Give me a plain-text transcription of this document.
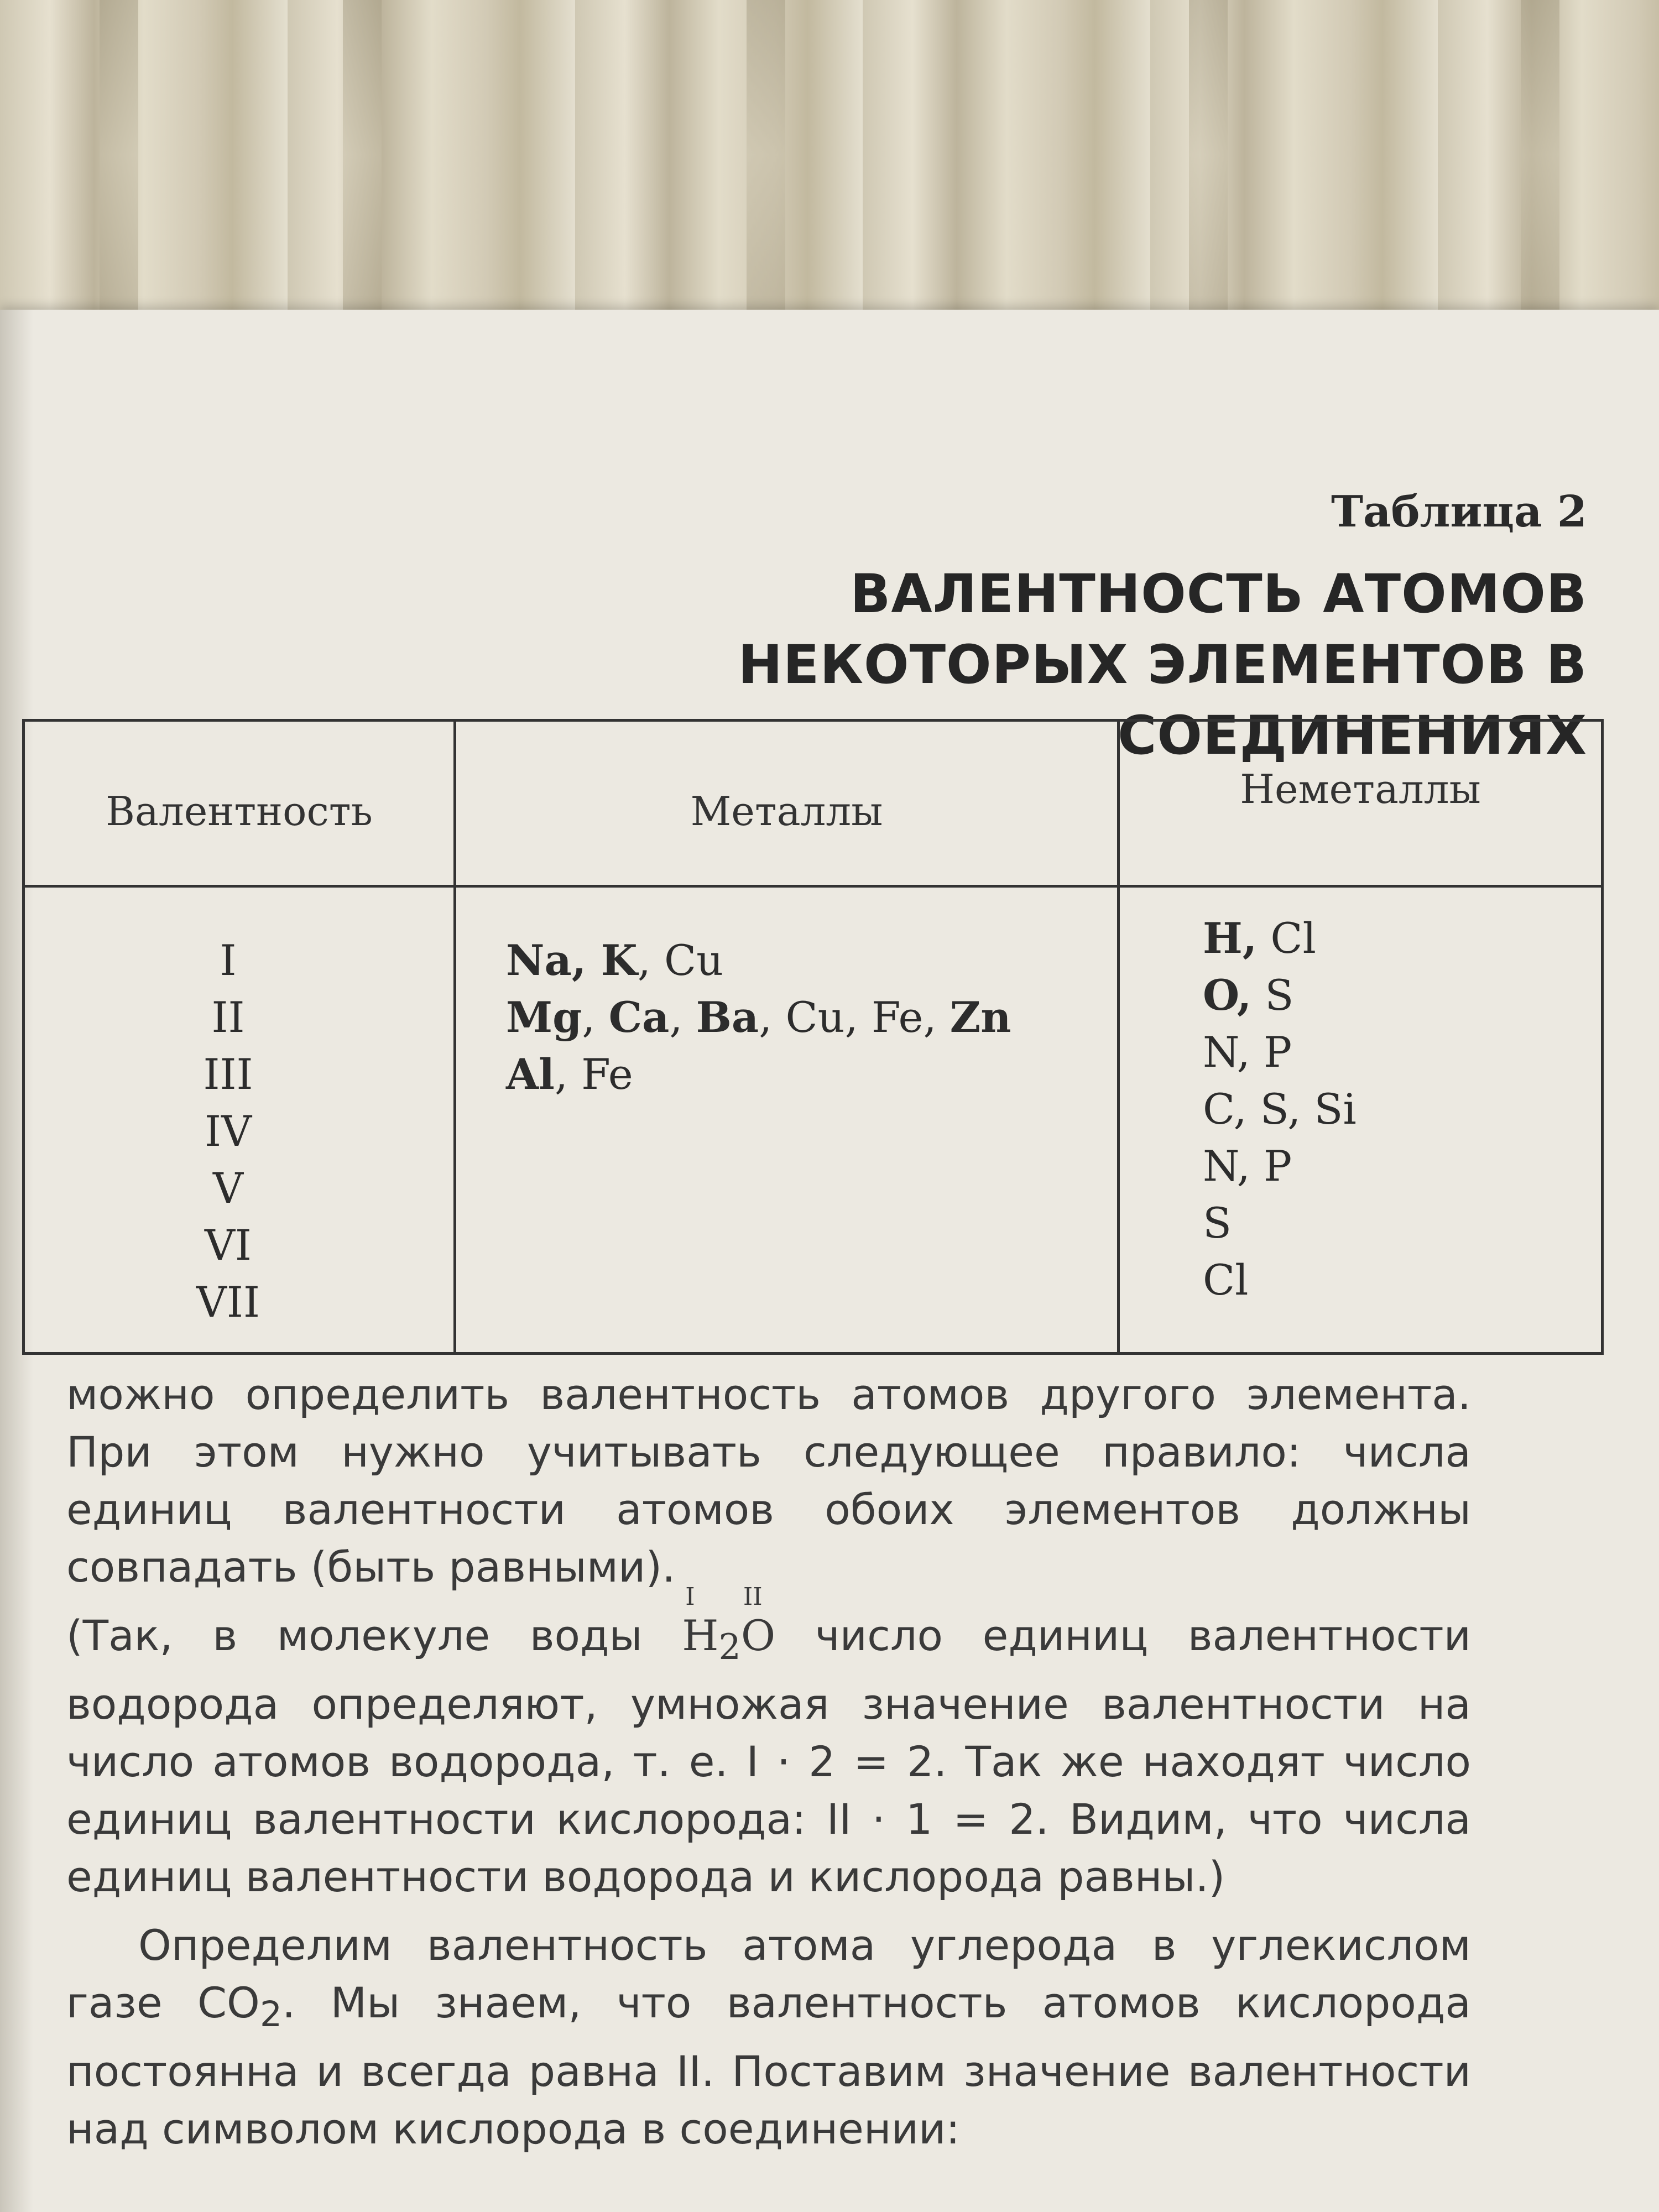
Таблица 2
ВАЛЕНТНОСТЬ АТОМОВ
НЕКОТОРЫХ ЭЛЕМЕНТОВ В СОЕДИНЕНИЯХ
Валентность
I
II
III
IV
V
VI
VII
Металлы
Na, K, Cu
Mg, Ca, Ba, Cu, Fe, Zn
Al, Fe
Неметаллы
H, Cl
O, S
N, P
C, S, Si
N, P
S
Cl

можно определить валентность атомов другого элемента. При этом нужно учитывать следующее правило: числа единиц валентности атомов обоих элементов должны совпадать (быть равными).

(Так, в молекуле воды
I
$H_2$
II
O число единиц валентности водорода определяют, умножая значение валентности на число атомов водорода, т. е. I · 2 = 2. Так же находят число единиц валентности кислорода: II · 1 = 2. Видим, что числа единиц валентности водорода и кислорода равны.)

Определим валентность атома углерода в углекислом газе $CO_2$. Мы знаем, что валентность атомов кислорода постоянна и всегда равна II. Поставим значение валентности над символом кислорода в соединении:
